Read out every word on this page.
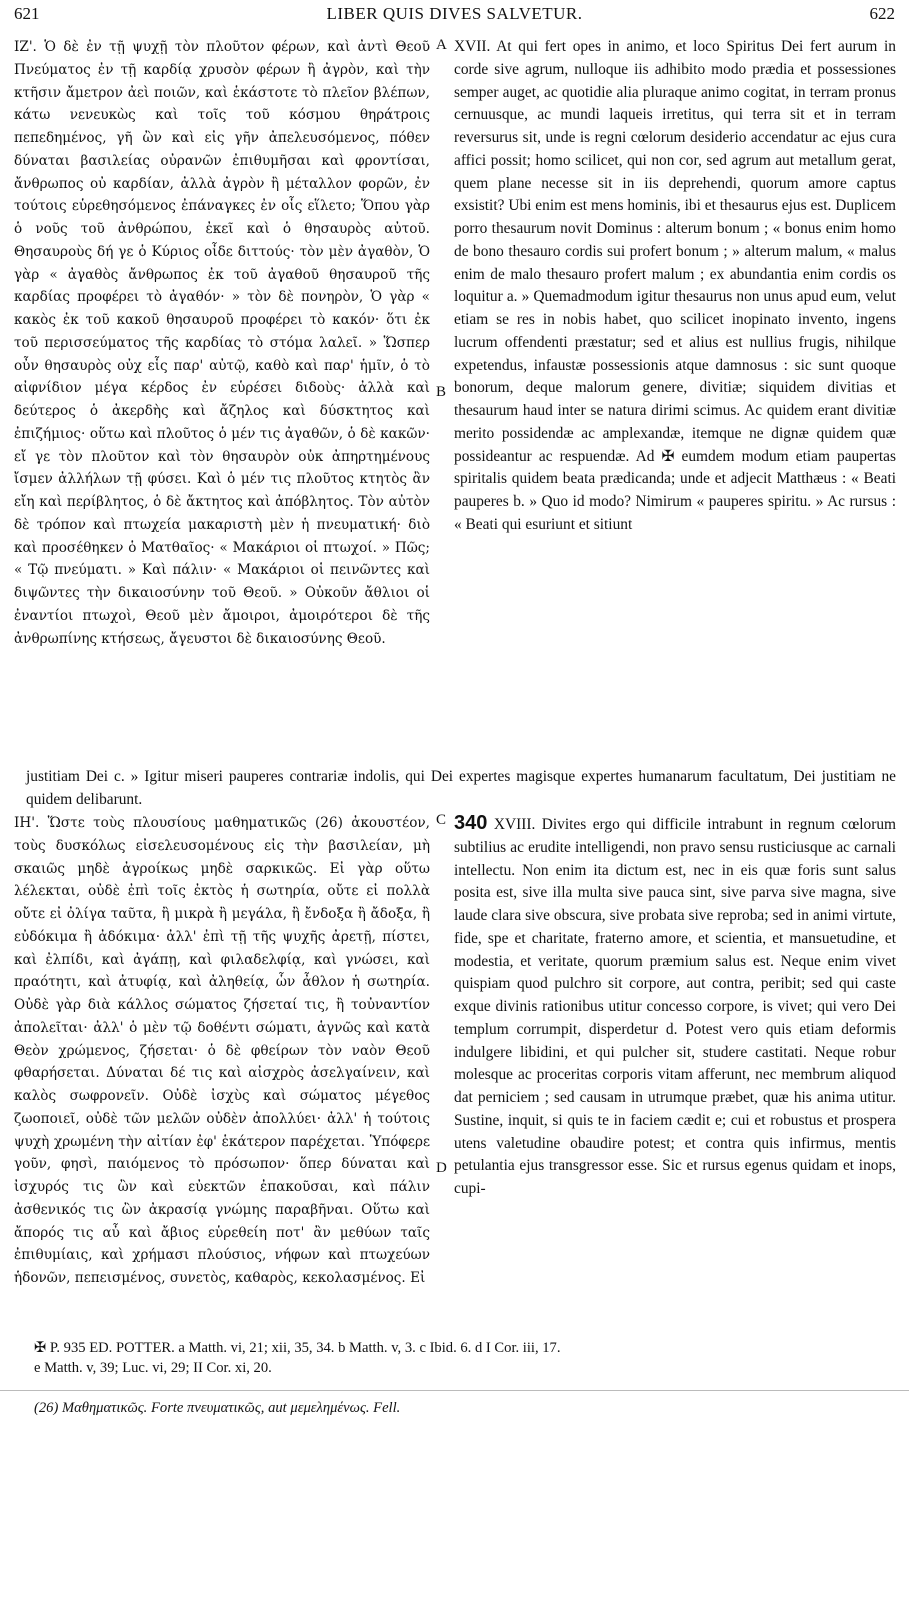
621	LIBER QUIS DIVES SALVETUR.	622

ΙΖ'. Ὁ δὲ ἐν τῇ ψυχῇ τὸν πλοῦτον φέρων, καὶ ἀντὶ Θεοῦ Πνεύματος ἐν τῇ καρδίᾳ χρυσὸν φέρων ἢ ἀγρὸν, καὶ τὴν κτῆσιν ἄμετρον ἀεὶ ποιῶν, καὶ ἑκάστοτε τὸ πλεῖον βλέπων, κάτω νενευκὼς καὶ τοῖς τοῦ κόσμου θηράτροις πεπεδημένος, γῆ ὢν καὶ εἰς γῆν ἀπελευσόμενος, πόθεν δύναται βασιλείας οὐρανῶν ἐπιθυμῆσαι καὶ φροντίσαι, ἄνθρωπος οὐ καρδίαν, ἀλλὰ ἀγρὸν ἢ μέταλλον φορῶν, ἐν τούτοις εὑρεθησόμενος ἐπάναγκες ἐν οἷς εἵλετο; Ὅπου γὰρ ὁ νοῦς τοῦ ἀνθρώπου, ἐκεῖ καὶ ὁ θησαυρὸς αὐτοῦ. Θησαυροὺς δή γε ὁ Κύριος οἶδε διττούς· τὸν μὲν ἀγαθὸν, Ὁ γὰρ « ἀγαθὸς ἄνθρωπος ἐκ τοῦ ἀγαθοῦ θησαυροῦ τῆς καρδίας προφέρει τὸ ἀγαθόν· » τὸν δὲ πονηρὸν, Ὁ γὰρ « κακὸς ἐκ τοῦ κακοῦ θησαυροῦ προφέρει τὸ κακόν· ὅτι ἐκ τοῦ περισσεύματος τῆς καρδίας τὸ στόμα λαλεῖ. » Ὥσπερ οὖν θησαυρὸς οὐχ εἷς παρ' αὐτῷ, καθὸ καὶ παρ' ἡμῖν, ὁ τὸ αἰφνίδιον μέγα κέρδος ἐν εὑρέσει διδοὺς· ἀλλὰ καὶ δεύτερος ὁ ἀκερδὴς καὶ ἄζηλος καὶ δύσκτητος καὶ ἐπιζήμιος· οὕτω καὶ πλοῦτος ὁ μέν τις ἀγαθῶν, ὁ δὲ κακῶν· εἴ γε τὸν πλοῦτον καὶ τὸν θησαυρὸν οὐκ ἀπηρτημένους ἴσμεν ἀλλήλων τῇ φύσει. Καὶ ὁ μέν τις πλοῦτος κτητὸς ἂν εἴη καὶ περίβλητος, ὁ δὲ ἄκτητος καὶ ἀπόβλητος. Τὸν αὐτὸν δὲ τρόπον καὶ πτωχεία μακαριστὴ μὲν ἡ πνευματική· διὸ καὶ προσέθηκεν ὁ Ματθαῖος· « Μακάριοι οἱ πτωχοί. » Πῶς; « Τῷ πνεύματι. » Καὶ πάλιν· « Μακάριοι οἱ πεινῶντες καὶ διψῶντες τὴν δικαιοσύνην τοῦ Θεοῦ. » Οὐκοῦν ἄθλιοι οἱ ἐναντίοι πτωχοὶ, Θεοῦ μὲν ἄμοιροι, ἀμοιρότεροι δὲ τῆς ἀνθρωπίνης κτήσεως, ἄγευστοι δὲ δικαιοσύνης Θεοῦ.

A
B

XVII. At qui fert opes in animo, et loco Spiritus Dei fert aurum in corde sive agrum, nulloque iis adhibito modo prædia et possessiones semper auget, ac quotidie alia pluraque animo cogitat, in terram pronus cernuusque, ac mundi laqueis irretitus, qui terra sit et in terram reversurus sit, unde is regni cœlorum desiderio accendatur ac ejus cura affici possit; homo scilicet, qui non cor, sed agrum aut metallum gerat, quem plane necesse sit in iis deprehendi, quorum amore captus exsistit? Ubi enim est mens hominis, ibi et thesaurus ejus est. Duplicem porro thesaurum novit Dominus : alterum bonum ; « bonus enim homo de bono thesauro cordis sui profert bonum ; » alterum malum, « malus enim de malo thesauro profert malum ; ex abundantia enim cordis os loquitur a. » Quemadmodum igitur thesaurus non unus apud eum, velut etiam se res in nobis habet, quo scilicet inopinato invento, ingens lucrum offendenti præstatur; sed et alius est nullius frugis, nihilque expetendus, infaustæ possessionis atque damnosus : sic sunt quoque bonorum, deque malorum genere, divitiæ; siquidem divitias et thesaurum haud inter se natura dirimi scimus. Ac quidem erant divitiæ merito possidendæ ac amplexandæ, itemque ne dignæ quidem quæ possideantur ac respuendæ. Ad ✠ eumdem modum etiam paupertas spiritalis quidem beata prædicanda; unde et adjecit Matthæus : « Beati pauperes b. » Quo id modo? Nimirum « pauperes spiritu. » Ac rursus : « Beati qui esuriunt et sitiunt

justitiam Dei c. » Igitur miseri pauperes contrariæ indolis, qui Dei expertes magisque expertes humanarum facultatum, Dei justitiam ne quidem delibarunt.

ΙΗ'. Ὥστε τοὺς πλουσίους μαθηματικῶς (26) ἀκουστέον, τοὺς δυσκόλως εἰσελευσομένους εἰς τὴν βασιλείαν, μὴ σκαιῶς μηδὲ ἀγροίκως μηδὲ σαρκικῶς. Εἰ γὰρ οὕτω λέλεκται, οὐδὲ ἐπὶ τοῖς ἐκτὸς ἡ σωτηρία, οὔτε εἰ πολλὰ οὔτε εἰ ὀλίγα ταῦτα, ἢ μικρὰ ἢ μεγάλα, ἢ ἔνδοξα ἢ ἄδοξα, ἢ εὐδόκιμα ἢ ἀδόκιμα· ἀλλ' ἐπὶ τῇ τῆς ψυχῆς ἀρετῇ, πίστει, καὶ ἐλπίδι, καὶ ἀγάπῃ, καὶ φιλαδελφίᾳ, καὶ γνώσει, καὶ πραότητι, καὶ ἀτυφίᾳ, καὶ ἀληθείᾳ, ὧν ἆθλον ἡ σωτηρία. Οὐδὲ γὰρ διὰ κάλλος σώματος ζήσεταί τις, ἢ τοὐναντίον ἀπολεῖται· ἀλλ' ὁ μὲν τῷ δοθέντι σώματι, ἁγνῶς καὶ κατὰ Θεὸν χρώμενος, ζήσεται· ὁ δὲ φθείρων τὸν ναὸν Θεοῦ φθαρήσεται. Δύναται δέ τις καὶ αἰσχρὸς ἀσελγαίνειν, καὶ καλὸς σωφρονεῖν. Οὐδὲ ἰσχὺς καὶ σώματος μέγεθος ζωοποιεῖ, οὐδὲ τῶν μελῶν οὐδὲν ἀπολλύει· ἀλλ' ἡ τούτοις ψυχὴ χρωμένη τὴν αἰτίαν ἐφ' ἑκάτερον παρέχεται. Ὑπόφερε γοῦν, φησὶ, παιόμενος τὸ πρόσωπον· ὅπερ δύναται καὶ ἰσχυρός τις ὢν καὶ εὐεκτῶν ἐπακοῦσαι, καὶ πάλιν ἀσθενικός τις ὢν ἀκρασίᾳ γνώμης παραβῆναι. Οὕτω καὶ ἄπορός τις αὖ καὶ ἄβιος εὑρεθείη ποτ' ἂν μεθύων ταῖς ἐπιθυμίαις, καὶ χρήμασι πλούσιος, νήφων καὶ πτωχεύων ἡδονῶν, πεπεισμένος, συνετὸς, καθαρὸς, κεκολασμένος. Εἰ

C
D

340 XVIII. Divites ergo qui difficile intrabunt in regnum cœlorum subtilius ac erudite intelligendi, non pravo sensu rusticiusque ac carnali intellectu. Non enim ita dictum est, nec in eis quæ foris sunt salus posita est, sive illa multa sive pauca sint, sive parva sive magna, sive laude clara sive obscura, sive probata sive reproba; sed in animi virtute, fide, spe et charitate, fraterno amore, et scientia, et mansuetudine, et modestia, et veritate, quorum præmium salus est. Neque enim vivet quispiam quod pulchro sit corpore, aut contra, peribit; sed qui caste exque divinis rationibus utitur concesso corpore, is vivet; qui vero Dei templum corrumpit, disperdetur d. Potest vero quis etiam deformis indulgere libidini, et qui pulcher sit, studere castitati. Neque robur molesque ac proceritas corporis vitam afferunt, nec membrum aliquod dat perniciem ; sed causam in utrumque præbet, quæ his anima utitur. Sustine, inquit, si quis te in faciem cædit e; cui et robustus et prospera utens valetudine obaudire potest; et contra quis infirmus, mentis petulantia ejus transgressor esse. Sic et rursus egenus quidam et inops, cupi-

✠ P. 935 ED. POTTER. a Matth. vi, 21; xii, 35, 34. b Matth. v, 3. c Ibid. 6. d I Cor. iii, 17.
e Matth. v, 39; Luc. vi, 29; II Cor. xi, 20.
(26) Μαθηματικῶς. Forte πνευματικῶς, aut μεμελημένως. Fell.
